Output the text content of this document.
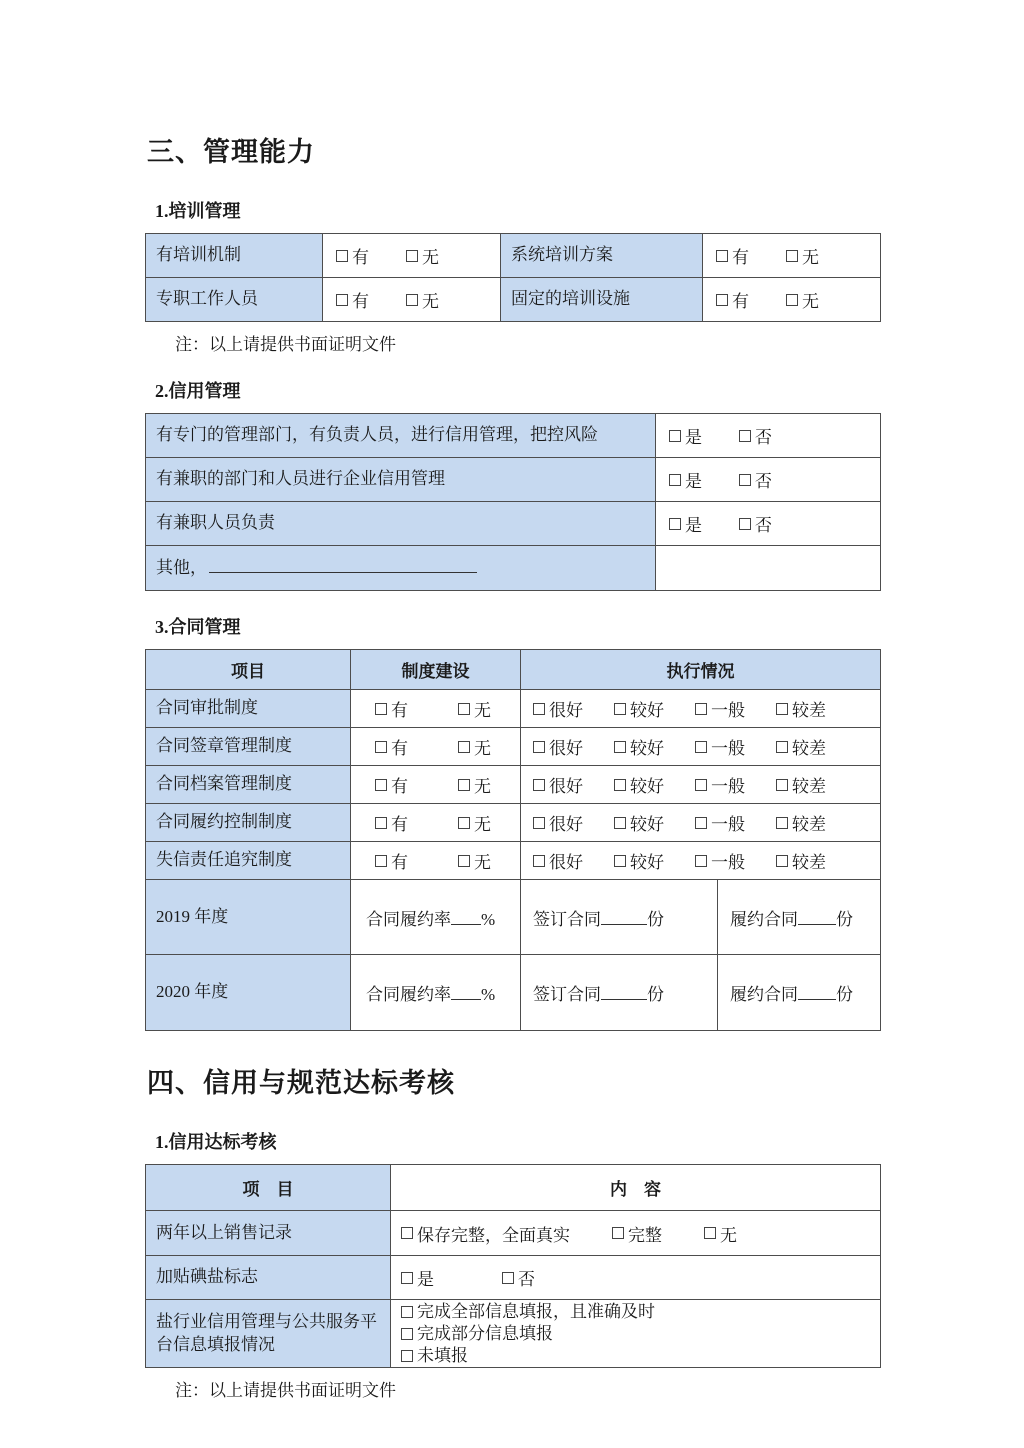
三、管理能力
1.培训管理
有培训机制	有 无	系统培训方案	有 无

专职工作人员	有 无	固定的培训设施	有 无
注：以上请提供书面证明文件
2.信用管理
有专门的管理部门，有负责人员，进行信用管理，把控风险	是 否

有兼职的部门和人员进行企业信用管理	是 否

有兼职人员负责	是 否

其他，	
3.合同管理
项目	制度建设	执行情况	
合同审批制度	有 无	很好 较好 一般 较差	

合同签章管理制度	有 无	很好 较好 一般 较差	

合同档案管理制度	有 无	很好 较好 一般 较差	

合同履约控制制度	有 无	很好 较好 一般 较差	

失信责任追究制度	有 无	很好 较好 一般 较差	

2019 年度	合同履约率 %	签订合同 份	履约合同 份
2020 年度	合同履约率 %	签订合同 份	履约合同 份
四、信用与规范达标考核
1.信用达标考核
项　目	内　容
两年以上销售记录	保存完整，全面真实 完整 无

加贴碘盐标志	是 否

盐行业信用管理与公共服务平台信息填报情况	完成全部信息填报，且准确及时
完成部分信息填报
未填报
注：以上请提供书面证明文件
